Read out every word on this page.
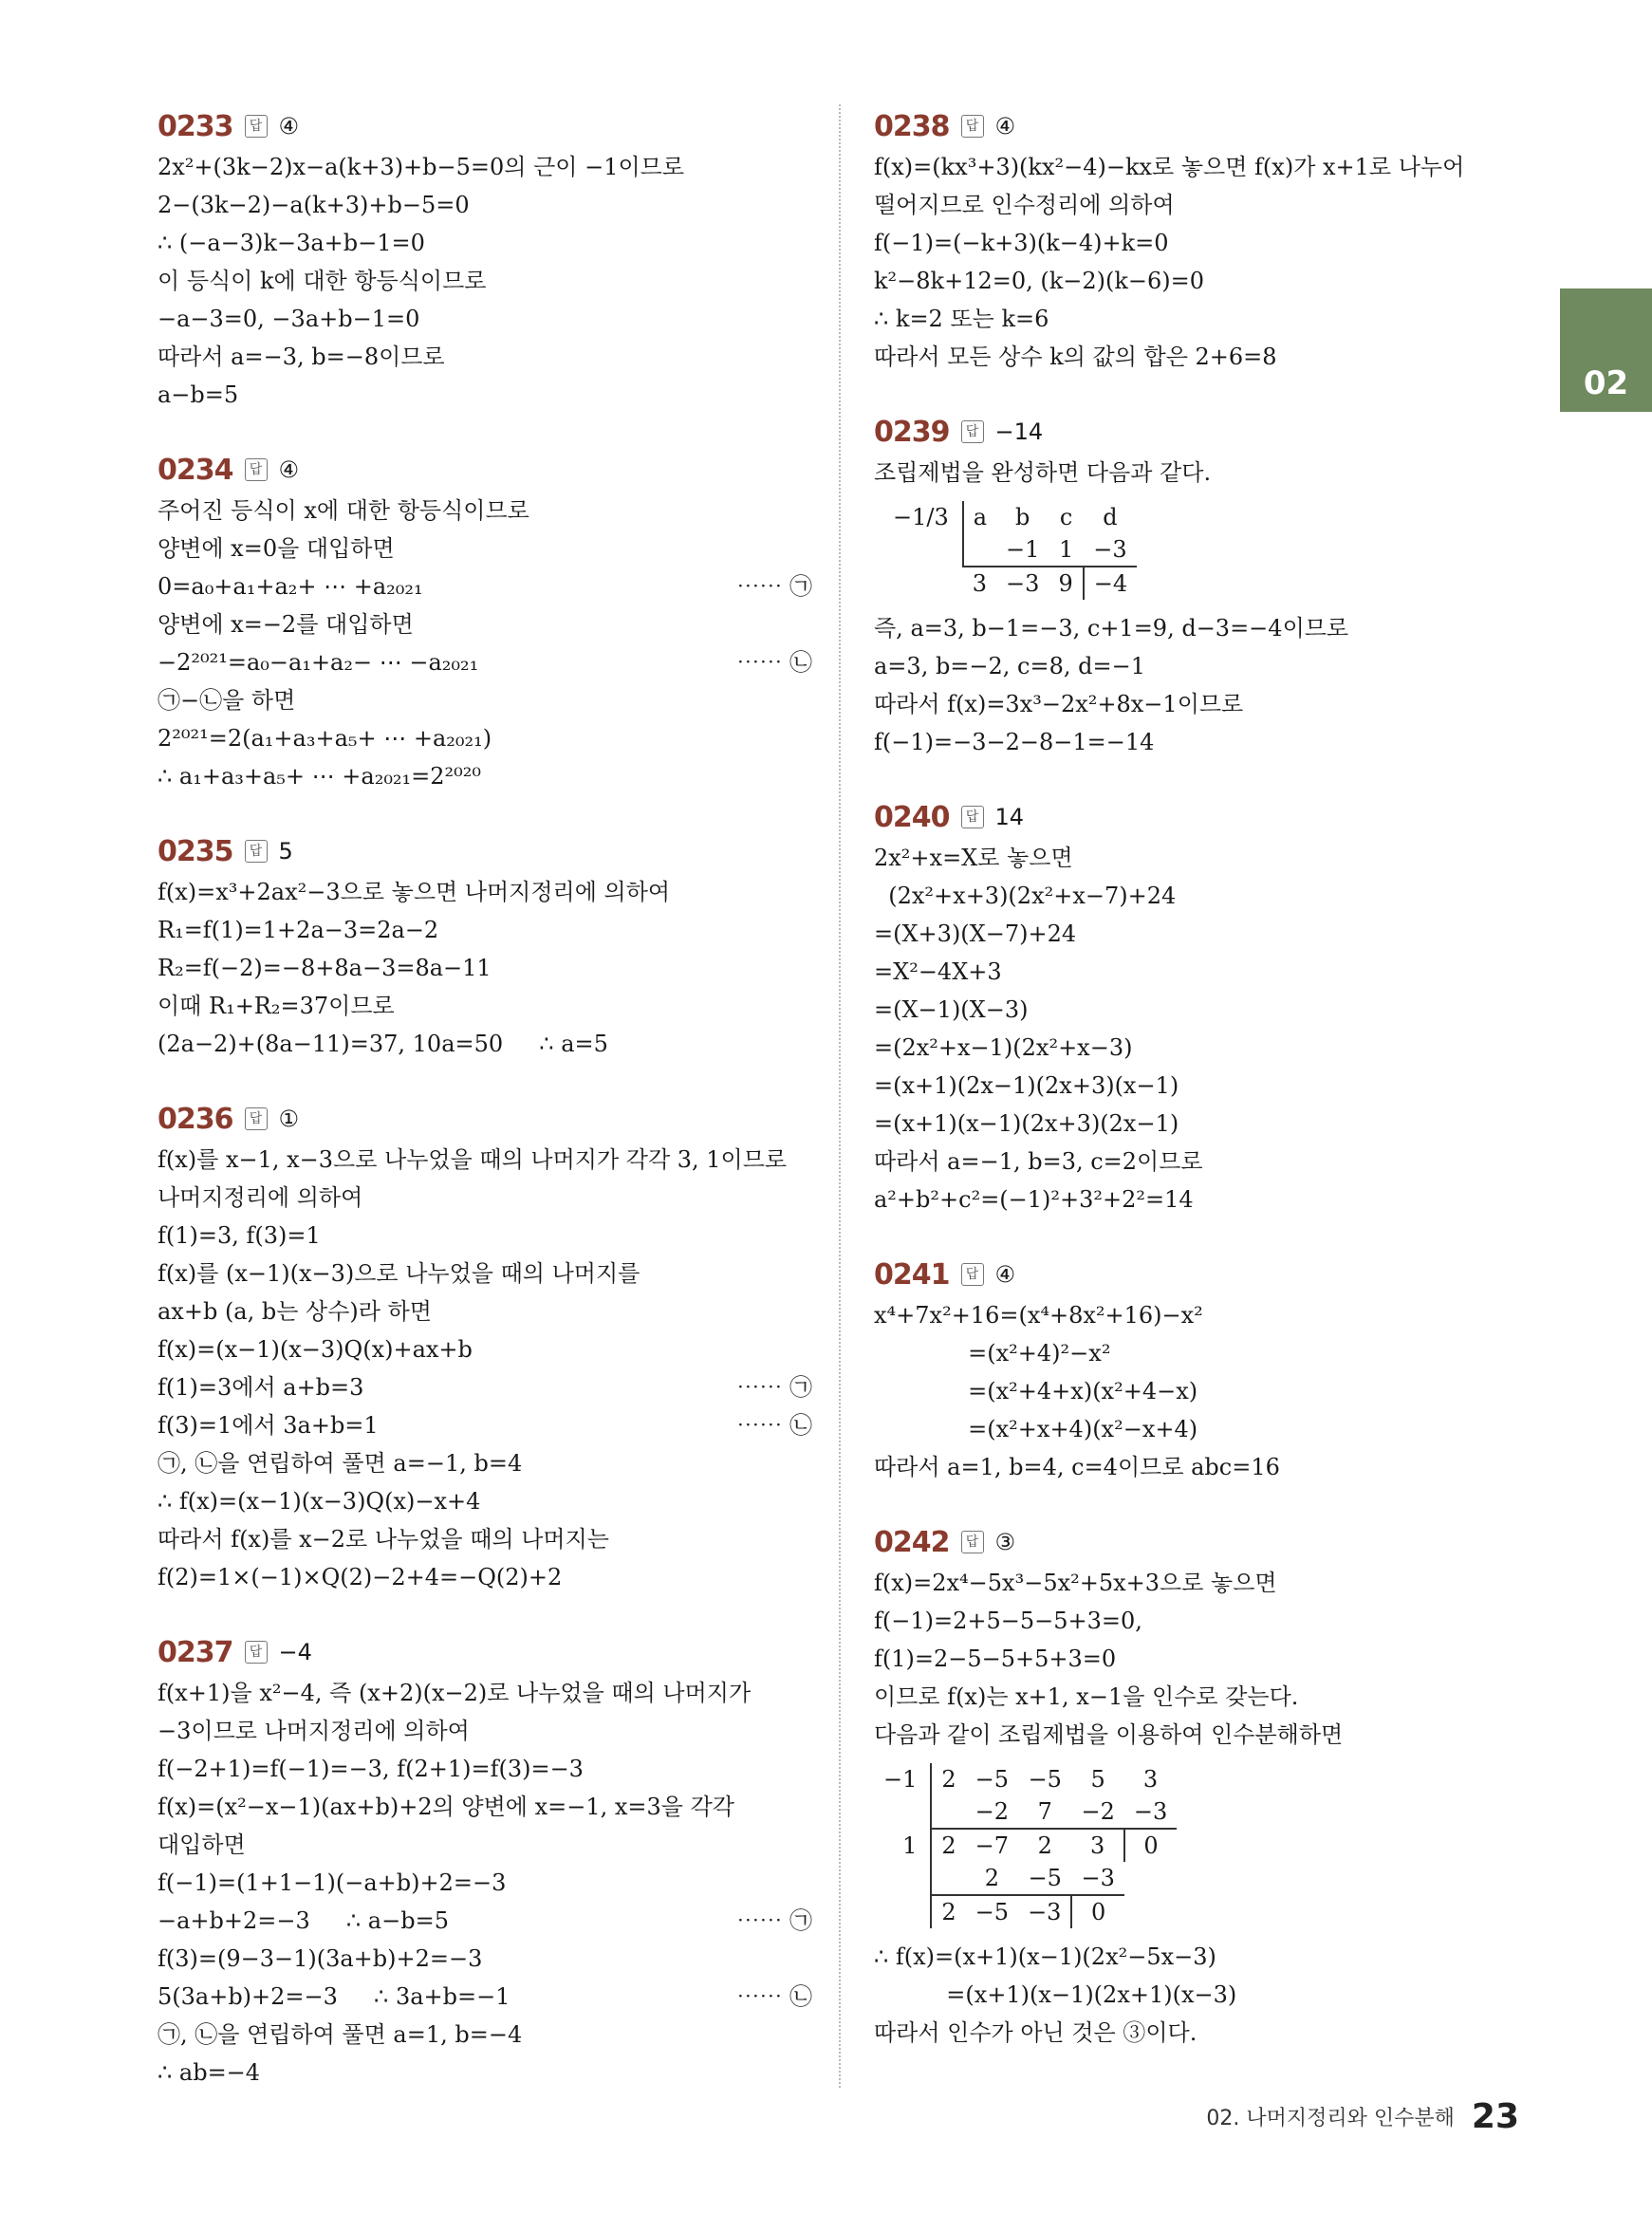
02
0233	답 ④
2x²+(3k−2)x−a(k+3)+b−5=0의 근이 −1이므로
2−(3k−2)−a(k+3)+b−5=0
∴ (−a−3)k−3a+b−1=0
이 등식이 k에 대한 항등식이므로
−a−3=0, −3a+b−1=0
따라서 a=−3, b=−8이므로
a−b=5
0234	답 ④
주어진 등식이 x에 대한 항등식이므로
양변에 x=0을 대입하면
0=a₀+a₁+a₂+ ⋯ +a₂₀₂₁	⋯⋯ ㉠
양변에 x=−2를 대입하면
−2²⁰²¹=a₀−a₁+a₂− ⋯ −a₂₀₂₁	⋯⋯ ㉡
㉠−㉡을 하면
2²⁰²¹=2(a₁+a₃+a₅+ ⋯ +a₂₀₂₁)
∴ a₁+a₃+a₅+ ⋯ +a₂₀₂₁=2²⁰²⁰
0235	답 5
f(x)=x³+2ax²−3으로 놓으면 나머지정리에 의하여
R₁=f(1)=1+2a−3=2a−2
R₂=f(−2)=−8+8a−3=8a−11
이때 R₁+R₂=37이므로
(2a−2)+(8a−11)=37, 10a=50     ∴ a=5
0236	답 ①
f(x)를 x−1, x−3으로 나누었을 때의 나머지가 각각 3, 1이므로
나머지정리에 의하여
f(1)=3, f(3)=1
f(x)를 (x−1)(x−3)으로 나누었을 때의 나머지를
ax+b (a, b는 상수)라 하면
f(x)=(x−1)(x−3)Q(x)+ax+b
f(1)=3에서 a+b=3	⋯⋯ ㉠
f(3)=1에서 3a+b=1	⋯⋯ ㉡
㉠, ㉡을 연립하여 풀면 a=−1, b=4
∴ f(x)=(x−1)(x−3)Q(x)−x+4
따라서 f(x)를 x−2로 나누었을 때의 나머지는
f(2)=1×(−1)×Q(2)−2+4=−Q(2)+2
0237	답 −4
f(x+1)을 x²−4, 즉 (x+2)(x−2)로 나누었을 때의 나머지가
−3이므로 나머지정리에 의하여
f(−2+1)=f(−1)=−3, f(2+1)=f(3)=−3
f(x)=(x²−x−1)(ax+b)+2의 양변에 x=−1, x=3을 각각
대입하면
f(−1)=(1+1−1)(−a+b)+2=−3
−a+b+2=−3     ∴ a−b=5	⋯⋯ ㉠
f(3)=(9−3−1)(3a+b)+2=−3
5(3a+b)+2=−3     ∴ 3a+b=−1	⋯⋯ ㉡
㉠, ㉡을 연립하여 풀면 a=1, b=−4
∴ ab=−4
0238	답 ④
f(x)=(kx³+3)(kx²−4)−kx로 놓으면 f(x)가 x+1로 나누어
떨어지므로 인수정리에 의하여
f(−1)=(−k+3)(k−4)+k=0
k²−8k+12=0, (k−2)(k−6)=0
∴ k=2 또는 k=6
따라서 모든 상수 k의 값의 합은 2+6=8
0239	답 −14
조립제법을 완성하면 다음과 같다.
−1/3	a	b	c	d
		−1	1	−3
	3	−3	9	−4
즉, a=3, b−1=−3, c+1=9, d−3=−4이므로
a=3, b=−2, c=8, d=−1
따라서 f(x)=3x³−2x²+8x−1이므로
f(−1)=−3−2−8−1=−14
0240	답 14
2x²+x=X로 놓으면
(2x²+x+3)(2x²+x−7)+24
=(X+3)(X−7)+24
=X²−4X+3
=(X−1)(X−3)
=(2x²+x−1)(2x²+x−3)
=(x+1)(2x−1)(2x+3)(x−1)
=(x+1)(x−1)(2x+3)(2x−1)
따라서 a=−1, b=3, c=2이므로
a²+b²+c²=(−1)²+3²+2²=14
0241	답 ④
x⁴+7x²+16=(x⁴+8x²+16)−x²
=(x²+4)²−x²
=(x²+4+x)(x²+4−x)
=(x²+x+4)(x²−x+4)
따라서 a=1, b=4, c=4이므로 abc=16
0242	답 ③
f(x)=2x⁴−5x³−5x²+5x+3으로 놓으면
f(−1)=2+5−5−5+3=0,
f(1)=2−5−5+5+3=0
이므로 f(x)는 x+1, x−1을 인수로 갖는다.
다음과 같이 조립제법을 이용하여 인수분해하면
−1	2	−5	−5	5	3
		−2	7	−2	−3
1	2	−7	2	3	0
		2	−5	−3	
	2	−5	−3	0	
∴ f(x)=(x+1)(x−1)(2x²−5x−3)
=(x+1)(x−1)(2x+1)(x−3)
따라서 인수가 아닌 것은 ③이다.
02. 나머지정리와 인수분해 23
